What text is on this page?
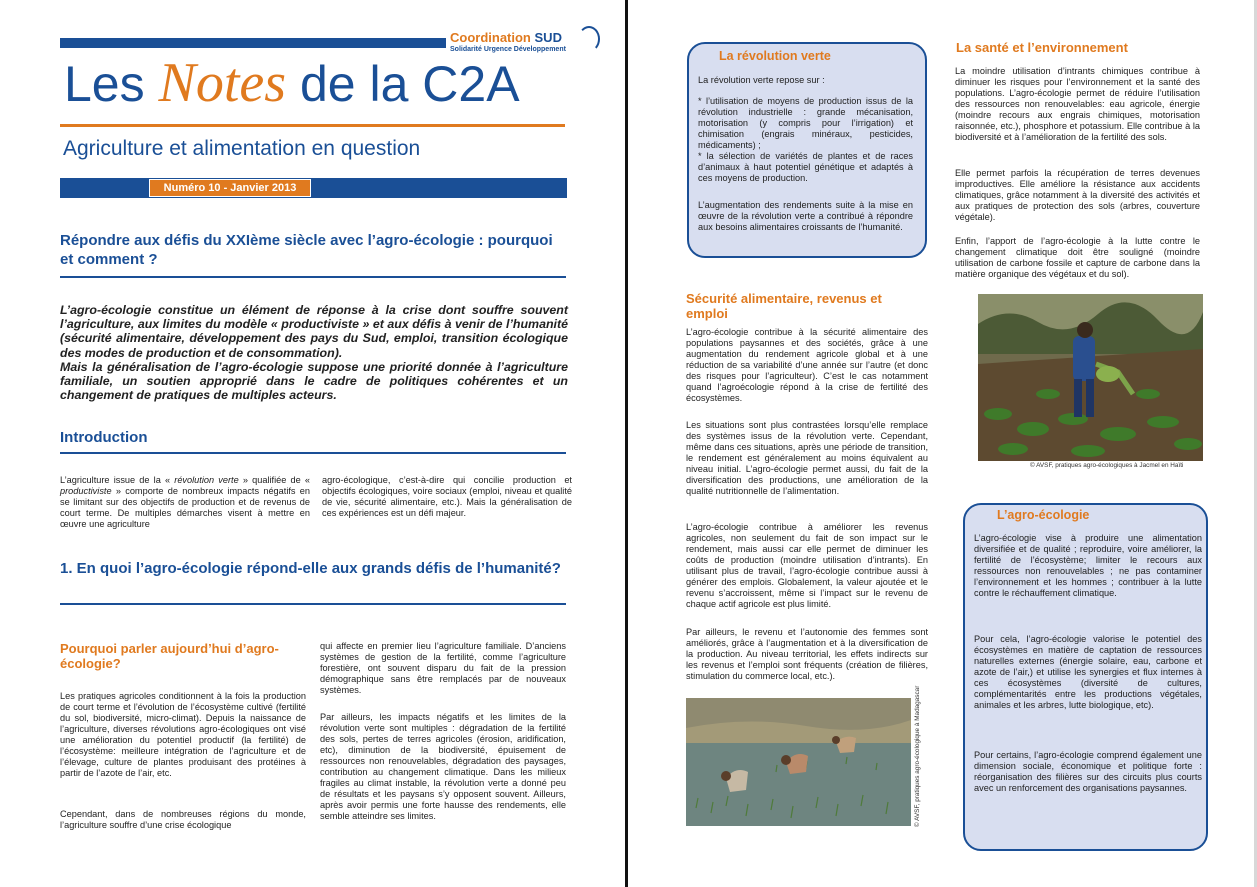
Coordination SUD
Solidarité Urgence Développement
Les Notes de la C2A
Agriculture et alimentation en question
Numéro 10 - Janvier 2013
Répondre aux défis du XXIème siècle avec l’agro-écologie : pourquoi et comment ?
L’agro-écologie constitue un élément de réponse à la crise dont souffre souvent l’agriculture, aux limites du modèle « productiviste » et aux défis à venir de l’humanité (sécurité alimentaire, développement des pays du Sud, emploi, transition écologique des modes de production et de consommation).
Mais la généralisation de l’agro-écologie suppose une priorité donnée à l’agriculture familiale, un soutien approprié dans le cadre de politiques cohérentes et un changement de pratiques de multiples acteurs.
Introduction
L’agriculture issue de la « révolution verte » qualifiée de « productiviste » comporte de nombreux impacts négatifs en se limitant sur des objectifs de production et de revenus de court terme. De multiples démarches visent à mettre en œuvre une agriculture
agro-écologique, c’est-à-dire qui concilie production et objectifs écologiques, voire sociaux (emploi, niveau et qualité de vie, sécurité alimentaire, etc.). Mais la généralisation de ces expériences est un défi majeur.
1. En quoi l’agro-écologie répond-elle aux grands défis de l’humanité?
Pourquoi parler aujourd’hui d’agro-écologie?
Les pratiques agricoles conditionnent à la fois la production de court terme et l’évolution de l’écosystème cultivé (fertilité du sol, biodiversité, micro-climat). Depuis la naissance de l’agriculture, diverses révolutions agro-écologiques ont visé une amélioration du potentiel productif (la fertilité) de l’écosystème: meilleure intégration de l’agriculture et de l’élevage, culture de plantes produisant des protéines à partir de l’azote de l’air, etc.
Cependant, dans de nombreuses régions du monde, l’agriculture souffre d’une crise écologique
qui affecte en premier lieu l’agriculture familiale. D’anciens systèmes de gestion de la fertilité, comme l’agriculture forestière, ont souvent disparu du fait de la pression démographique sans être remplacés par de nouveaux systèmes.
Par ailleurs, les impacts négatifs et les limites de la révolution verte sont multiples : dégradation de la fertilité des sols, pertes de terres agricoles (érosion, aridification, etc), diminution de la biodiversité, épuisement de ressources non renouvelables, dégradation des paysages, contribution au changement climatique. Dans les milieux fragiles au climat instable, la révolution verte a donné peu de résultats et les paysans s’y opposent souvent. Ailleurs, après avoir permis une forte hausse des rendements, elle semble atteindre ses limites.
La révolution verte
La révolution verte repose sur :
* l’utilisation de moyens de production issus de la révolution industrielle : grande mécanisation, motorisation (y compris pour l’irrigation) et chimisation (engrais minéraux, pesticides, médicaments) ;
* la sélection de variétés de plantes et de races d’animaux à haut potentiel génétique et adaptés à ces moyens de production.
L’augmentation des rendements suite à la mise en œuvre de la révolution verte a contribué à répondre aux besoins alimentaires croissants de l’humanité.
La santé et l’environnement
La moindre utilisation d’intrants chimiques contribue à diminuer les risques pour l’environnement et la santé des populations. L’agro-écologie permet de réduire l’utilisation des ressources non renouvelables: eau agricole, énergie (moindre recours aux engrais chimiques, motorisation raisonnée, etc.), phosphore et potassium. Elle contribue à la biodiversité et à l’amélioration de la fertilité des sols.
Elle permet parfois la récupération de terres devenues improductives. Elle améliore la résistance aux accidents climatiques, grâce notamment à la diversité des activités et aux pratiques de protection des sols (arbres, couverture végétale).
Enfin, l’apport de l’agro-écologie à la lutte contre le changement climatique doit être souligné (moindre utilisation de carbone fossile et capture de carbone dans la matière organique des végétaux et du sol).
© AVSF, pratiques agro-écologiques à Jacmel en Haïti
Sécurité alimentaire, revenus et emploi
L’agro-écologie contribue à la sécurité alimentaire des populations paysannes et des sociétés, grâce à une augmentation du rendement agricole global et à une réduction de sa variabilité d’une année sur l’autre (et donc des risques pour l’agriculteur). C’est le cas notamment quand l’agroécologie répond à la crise de fertilité des écosystèmes.
Les situations sont plus contrastées lorsqu’elle remplace des systèmes issus de la révolution verte. Cependant, même dans ces situations, après une période de transition, le rendement est généralement au moins équivalent au niveau initial. L’agro-écologie permet aussi, du fait de la diversification des productions, une amélioration de la qualité nutritionnelle de l’alimentation.
L’agro-écologie contribue à améliorer les revenus agricoles, non seulement du fait de son impact sur le rendement, mais aussi car elle permet de diminuer les coûts de production (moindre utilisation d’intrants). En utilisant plus de travail, l’agro-écologie contribue aussi à générer des emplois. Globalement, la valeur ajoutée et le revenu s’accroissent, même si l’impact sur le revenu de chaque actif agricole est plus limité.
Par ailleurs, le revenu et l’autonomie des femmes sont améliorés, grâce à l’augmentation et à la diversification de la production. Au niveau territorial, les effets indirects sur les revenus et l’emploi sont fréquents (création de filières, stimulation du commerce local, etc.).
© AVSF, pratiques agro-écologique à Madagascar
L’agro-écologie
L’agro-écologie vise à produire une alimentation diversifiée et de qualité ; reproduire, voire améliorer, la fertilité de l’écosystème; limiter le recours aux ressources non renouvelables ; ne pas contaminer l’environnement et les hommes ; contribuer à la lutte contre le réchauffement climatique.
Pour cela, l’agro-écologie valorise le potentiel des écosystèmes en matière de captation de ressources naturelles externes (énergie solaire, eau, carbone et azote de l’air,) et utilise les synergies et flux internes à ces écosystèmes (diversité de cultures, complémentarités entre les productions végétales, animales et les arbres, lutte biologique, etc).
Pour certains, l’agro-écologie comprend également une dimension sociale, économique et politique forte : réorganisation des filières sur des circuits plus courts avec un renforcement des organisations paysannes.
